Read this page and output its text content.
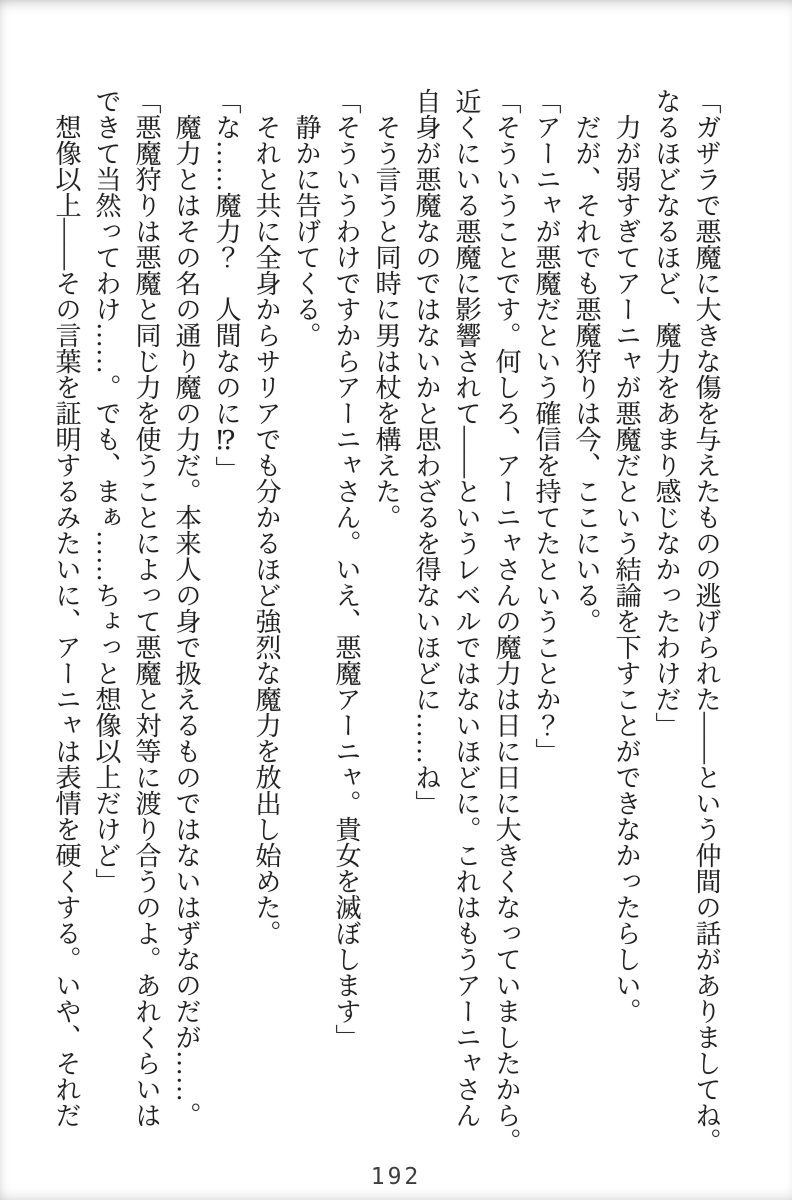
「ガザラで悪魔に大きな傷を与えたものの逃げられた——という仲間の話がありましてね。
なるほどなるほど、魔力をあまり感じなかったわけだ」
力が弱すぎてアーニャが悪魔だという結論を下すことができなかったらしい。
だが、それでも悪魔狩りは今、ここにいる。
「アーニャが悪魔だという確信を持てたということか？」
「そういうことです。何しろ、アーニャさんの魔力は日に日に大きくなっていましたから。
近くにいる悪魔に影響されて——というレベルではないほどに。これはもうアーニャさん
自身が悪魔なのではないかと思わざるを得ないほどに……ね」
そう言うと同時に男は杖を構えた。
「そういうわけですからアーニャさん。いえ、悪魔アーニャ。貴女を滅ぼします」
静かに告げてくる。
それと共に全身からサリアでも分かるほど強烈な魔力を放出し始めた。
「な……魔力？　人間なのに⁉」
魔力とはその名の通り魔の力だ。本来人の身で扱えるものではないはずなのだが……。
「悪魔狩りは悪魔と同じ力を使うことによって悪魔と対等に渡り合うのよ。あれくらいは
できて当然ってわけ……。でも、まぁ……ちょっと想像以上だけど」
想像以上——その言葉を証明するみたいに、アーニャは表情を硬くする。いや、それだ
192
